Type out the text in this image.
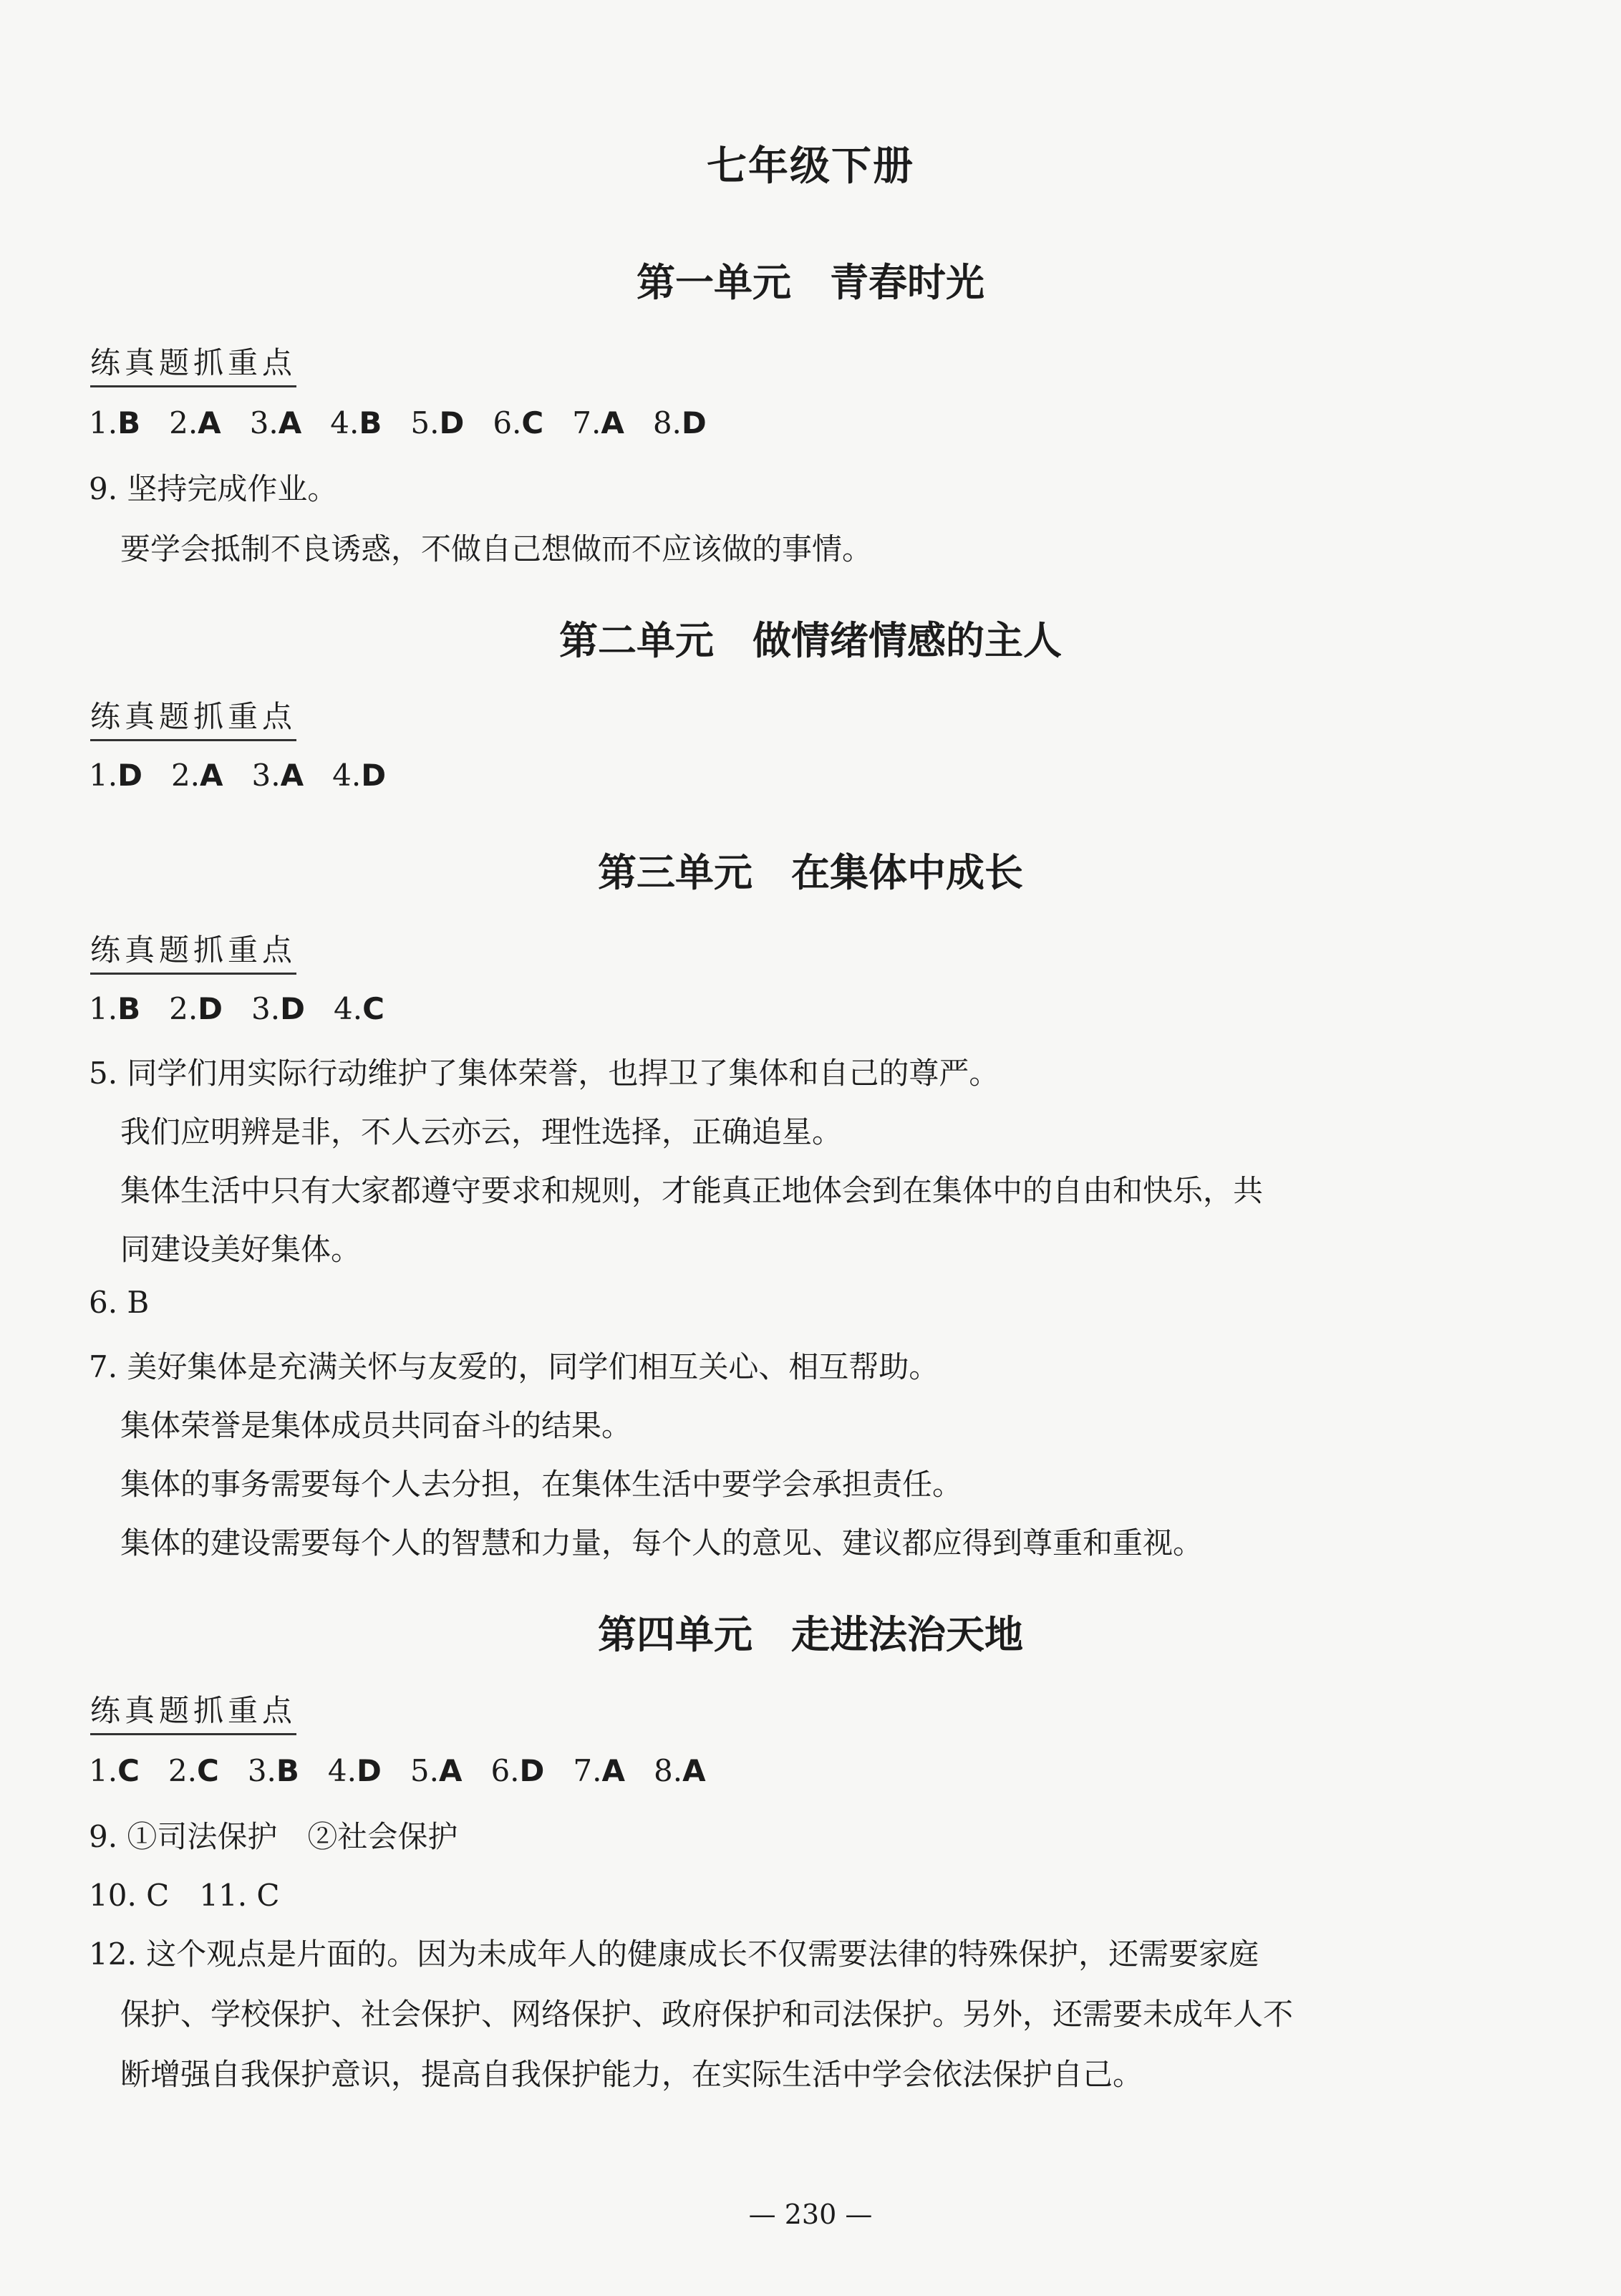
七年级下册
第一单元　青春时光
练真题抓重点
1. B 2. A 3. A 4. B 5. D 6. C 7. A 8. D
9. 坚持完成作业。
要学会抵制不良诱惑，不做自己想做而不应该做的事情。
第二单元　做情绪情感的主人
练真题抓重点
1. D 2. A 3. A 4. D
第三单元　在集体中成长
练真题抓重点
1. B 2. D 3. D 4. C
5. 同学们用实际行动维护了集体荣誉，也捍卫了集体和自己的尊严。
我们应明辨是非，不人云亦云，理性选择，正确追星。
集体生活中只有大家都遵守要求和规则，才能真正地体会到在集体中的自由和快乐，共
同建设美好集体。
6. B
7. 美好集体是充满关怀与友爱的，同学们相互关心、相互帮助。
集体荣誉是集体成员共同奋斗的结果。
集体的事务需要每个人去分担，在集体生活中要学会承担责任。
集体的建设需要每个人的智慧和力量，每个人的意见、建议都应得到尊重和重视。
第四单元　走进法治天地
练真题抓重点
1. C 2. C 3. B 4. D 5. A 6. D 7. A 8. A
9. ①司法保护　②社会保护
10. C　11. C
12. 这个观点是片面的。因为未成年人的健康成长不仅需要法律的特殊保护，还需要家庭
保护、学校保护、社会保护、网络保护、政府保护和司法保护。另外，还需要未成年人不
断增强自我保护意识，提高自我保护能力，在实际生活中学会依法保护自己。
— 230 —
